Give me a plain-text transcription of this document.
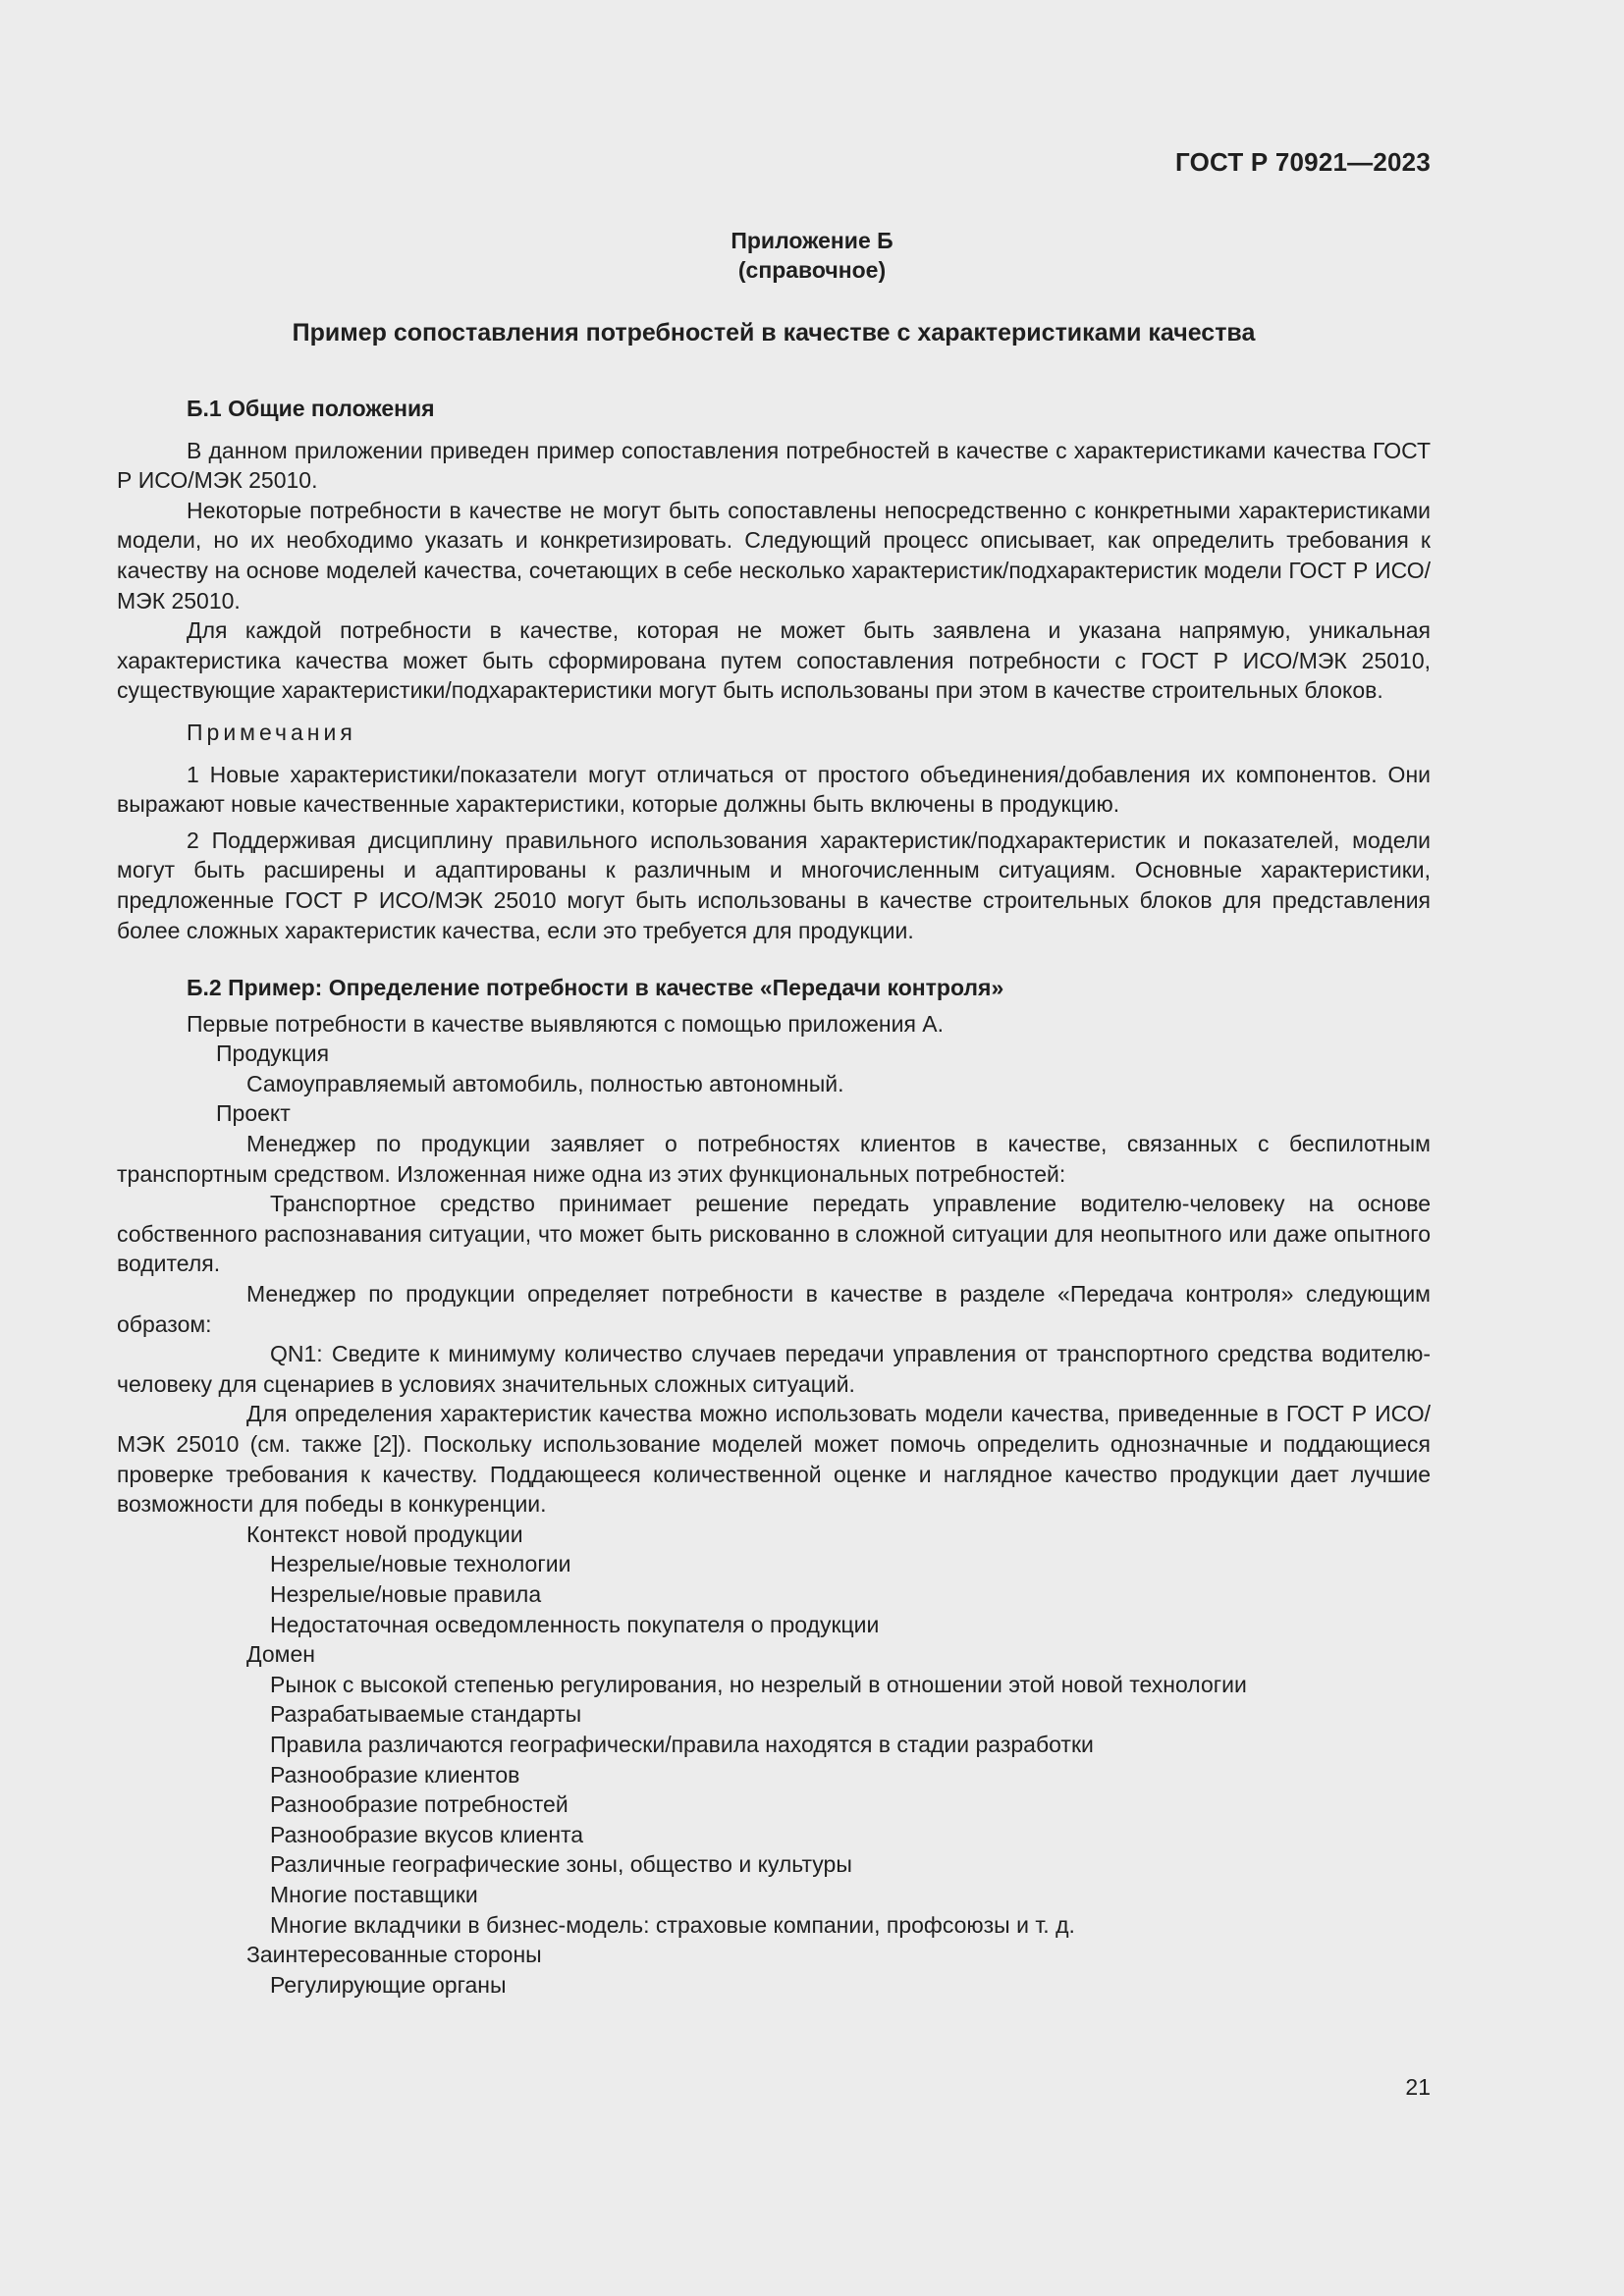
ГОСТ Р 70921—2023
Приложение Б
(справочное)
Пример сопоставления потребностей в качестве с характеристиками качества

Б.1 Общие положения

В данном приложении приведен пример сопоставления потребностей в качестве с характеристиками качества ГОСТ Р ИСО/МЭК 25010.

Некоторые потребности в качестве не могут быть сопоставлены непосредственно с конкретными характеристиками модели, но их необходимо указать и конкретизировать. Следующий процесс описывает, как определить требования к качеству на основе моделей качества, сочетающих в себе несколько характеристик/подхарактеристик модели ГОСТ Р ИСО/МЭК 25010.

Для каждой потребности в качестве, которая не может быть заявлена и указана напрямую, уникальная характеристика качества может быть сформирована путем сопоставления потребности с ГОСТ Р ИСО/МЭК 25010, существующие характеристики/подхарактеристики могут быть использованы при этом в качестве строительных блоков.

Примечания

1 Новые характеристики/показатели могут отличаться от простого объединения/добавления их компонентов. Они выражают новые качественные характеристики, которые должны быть включены в продукцию.

2 Поддерживая дисциплину правильного использования характеристик/подхарактеристик и показателей, модели могут быть расширены и адаптированы к различным и многочисленным ситуациям. Основные характеристики, предложенные ГОСТ Р ИСО/МЭК 25010 могут быть использованы в качестве строительных блоков для представления более сложных характеристик качества, если это требуется для продукции.

Б.2 Пример: Определение потребности в качестве «Передачи контроля»

Первые потребности в качестве выявляются с помощью приложения А.

Продукция

Самоуправляемый автомобиль, полностью автономный.

Проект

Менеджер по продукции заявляет о потребностях клиентов в качестве, связанных с беспилотным транспортным средством. Изложенная ниже одна из этих функциональных потребностей:

Транспортное средство принимает решение передать управление водителю-человеку на основе собственного распознавания ситуации, что может быть рискованно в сложной ситуации для неопытного или даже опытного водителя.

Менеджер по продукции определяет потребности в качестве в разделе «Передача контроля» следующим образом:

QN1: Сведите к минимуму количество случаев передачи управления от транспортного средства водителю-человеку для сценариев в условиях значительных сложных ситуаций.

Для определения характеристик качества можно использовать модели качества, приведенные в ГОСТ Р ИСО/МЭК 25010 (см. также [2]). Поскольку использование моделей может помочь определить однозначные и поддающиеся проверке требования к качеству. Поддающееся количественной оценке и наглядное качество продукции дает лучшие возможности для победы в конкуренции.

Контекст новой продукции

Незрелые/новые технологии

Незрелые/новые правила

Недостаточная осведомленность покупателя о продукции

Домен

Рынок с высокой степенью регулирования, но незрелый в отношении этой новой технологии

Разрабатываемые стандарты

Правила различаются географически/правила находятся в стадии разработки

Разнообразие клиентов

Разнообразие потребностей

Разнообразие вкусов клиента

Различные географические зоны, общество и культуры

Многие поставщики

Многие вкладчики в бизнес-модель: страховые компании, профсоюзы и т. д.

Заинтересованные стороны

Регулирующие органы

21
